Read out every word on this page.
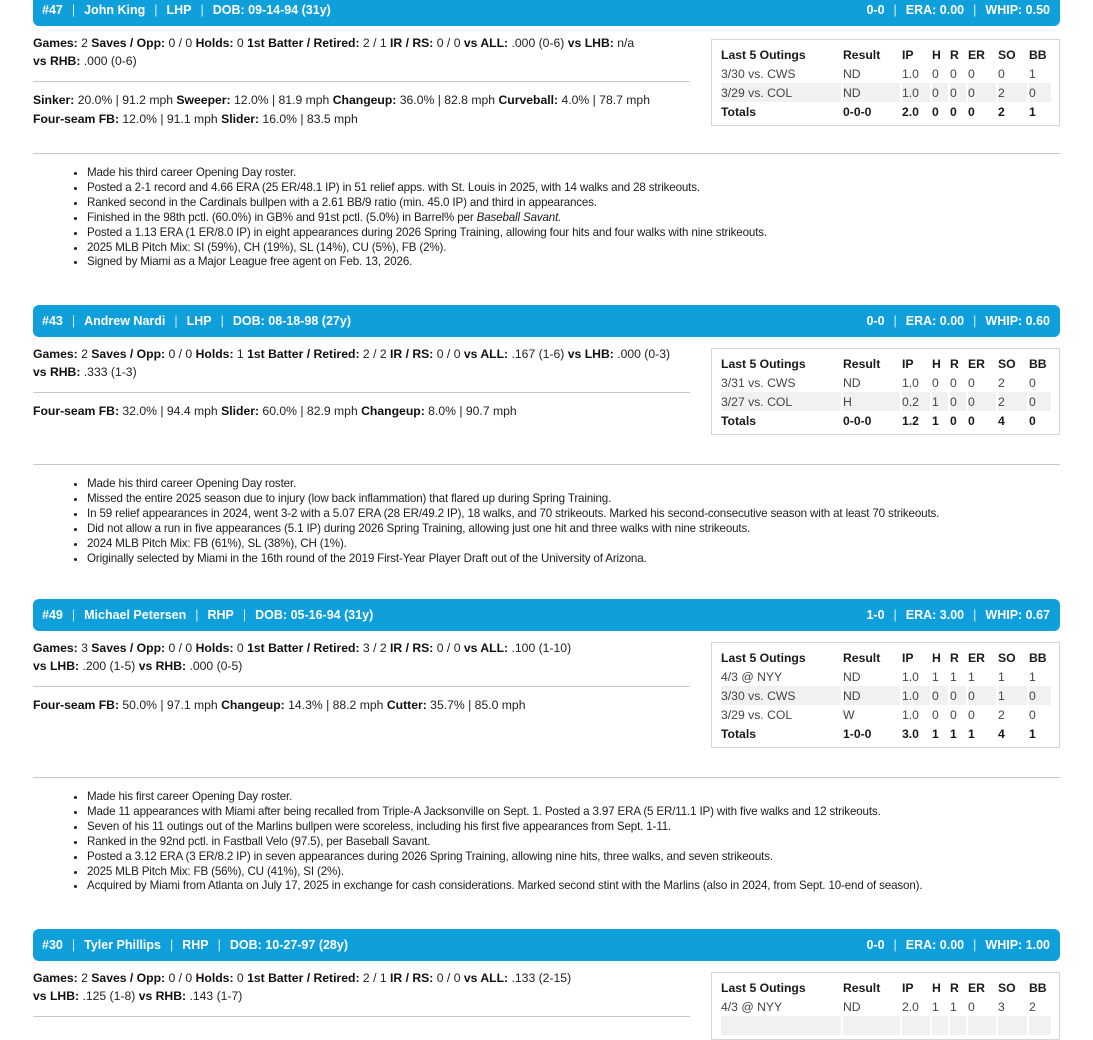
#47 | John King | LHP | DOB: 09-14-94 (31y)	0-0 | ERA: 0.00 | WHIP: 0.50
Games: 2 Saves / Opp: 0 / 0 Holds: 0 1st Batter / Retired: 2 / 1 IR / RS: 0 / 0 vs ALL: .000 (0-6) vs LHB: n/a
vs RHB: .000 (0-6)
Sinker: 20.0% | 91.2 mph Sweeper: 12.0% | 81.9 mph Changeup: 36.0% | 82.8 mph Curveball: 4.0% | 78.7 mph
Four-seam FB: 12.0% | 91.1 mph Slider: 16.0% | 83.5 mph
Last 5 Outings	Result	IP	H	R	ER	SO	BB
3/30 vs. CWS	ND	1.0	0	0	0	0	1
3/29 vs. COL	ND	1.0	0	0	0	2	0
Totals	0-0-0	2.0	0	0	0	2	1
• Made his third career Opening Day roster.
• Posted a 2-1 record and 4.66 ERA (25 ER/48.1 IP) in 51 relief apps. with St. Louis in 2025, with 14 walks and 28 strikeouts.
• Ranked second in the Cardinals bullpen with a 2.61 BB/9 ratio (min. 45.0 IP) and third in appearances.
• Finished in the 98th pctl. (60.0%) in GB% and 91st pctl. (5.0%) in Barrel% per Baseball Savant.
• Posted a 1.13 ERA (1 ER/8.0 IP) in eight appearances during 2026 Spring Training, allowing four hits and four walks with nine strikeouts.
• 2025 MLB Pitch Mix: SI (59%), CH (19%), SL (14%), CU (5%), FB (2%).
• Signed by Miami as a Major League free agent on Feb. 13, 2026.
#43 | Andrew Nardi | LHP | DOB: 08-18-98 (27y)	0-0 | ERA: 0.00 | WHIP: 0.60
Games: 2 Saves / Opp: 0 / 0 Holds: 1 1st Batter / Retired: 2 / 2 IR / RS: 0 / 0 vs ALL: .167 (1-6) vs LHB: .000 (0-3)
vs RHB: .333 (1-3)
Four-seam FB: 32.0% | 94.4 mph Slider: 60.0% | 82.9 mph Changeup: 8.0% | 90.7 mph
Last 5 Outings	Result	IP	H	R	ER	SO	BB
3/31 vs. CWS	ND	1.0	0	0	0	2	0
3/27 vs. COL	H	0.2	1	0	0	2	0
Totals	0-0-0	1.2	1	0	0	4	0
• Made his third career Opening Day roster.
• Missed the entire 2025 season due to injury (low back inflammation) that flared up during Spring Training.
• In 59 relief appearances in 2024, went 3-2 with a 5.07 ERA (28 ER/49.2 IP), 18 walks, and 70 strikeouts. Marked his second-consecutive season with at least 70 strikeouts.
• Did not allow a run in five appearances (5.1 IP) during 2026 Spring Training, allowing just one hit and three walks with nine strikeouts.
• 2024 MLB Pitch Mix: FB (61%), SL (38%), CH (1%).
• Originally selected by Miami in the 16th round of the 2019 First-Year Player Draft out of the University of Arizona.
#49 | Michael Petersen | RHP | DOB: 05-16-94 (31y)	1-0 | ERA: 3.00 | WHIP: 0.67
Games: 3 Saves / Opp: 0 / 0 Holds: 0 1st Batter / Retired: 3 / 2 IR / RS: 0 / 0 vs ALL: .100 (1-10)
vs LHB: .200 (1-5) vs RHB: .000 (0-5)
Four-seam FB: 50.0% | 97.1 mph Changeup: 14.3% | 88.2 mph Cutter: 35.7% | 85.0 mph
Last 5 Outings	Result	IP	H	R	ER	SO	BB
4/3 @ NYY	ND	1.0	1	1	1	1	1
3/30 vs. CWS	ND	1.0	0	0	0	1	0
3/29 vs. COL	W	1.0	0	0	0	2	0
Totals	1-0-0	3.0	1	1	1	4	1
• Made his first career Opening Day roster.
• Made 11 appearances with Miami after being recalled from Triple-A Jacksonville on Sept. 1. Posted a 3.97 ERA (5 ER/11.1 IP) with five walks and 12 strikeouts.
• Seven of his 11 outings out of the Marlins bullpen were scoreless, including his first five appearances from Sept. 1-11.
• Ranked in the 92nd pctl. in Fastball Velo (97.5), per Baseball Savant.
• Posted a 3.12 ERA (3 ER/8.2 IP) in seven appearances during 2026 Spring Training, allowing nine hits, three walks, and seven strikeouts.
• 2025 MLB Pitch Mix: FB (56%), CU (41%), SI (2%).
• Acquired by Miami from Atlanta on July 17, 2025 in exchange for cash considerations. Marked second stint with the Marlins (also in 2024, from Sept. 10-end of season).
#30 | Tyler Phillips | RHP | DOB: 10-27-97 (28y)	0-0 | ERA: 0.00 | WHIP: 1.00
Games: 2 Saves / Opp: 0 / 0 Holds: 0 1st Batter / Retired: 2 / 1 IR / RS: 0 / 0 vs ALL: .133 (2-15)
vs LHB: .125 (1-8) vs RHB: .143 (1-7)
Last 5 Outings	Result	IP	H	R	ER	SO	BB
4/3 @ NYY	ND	2.0	1	1	0	3	2
